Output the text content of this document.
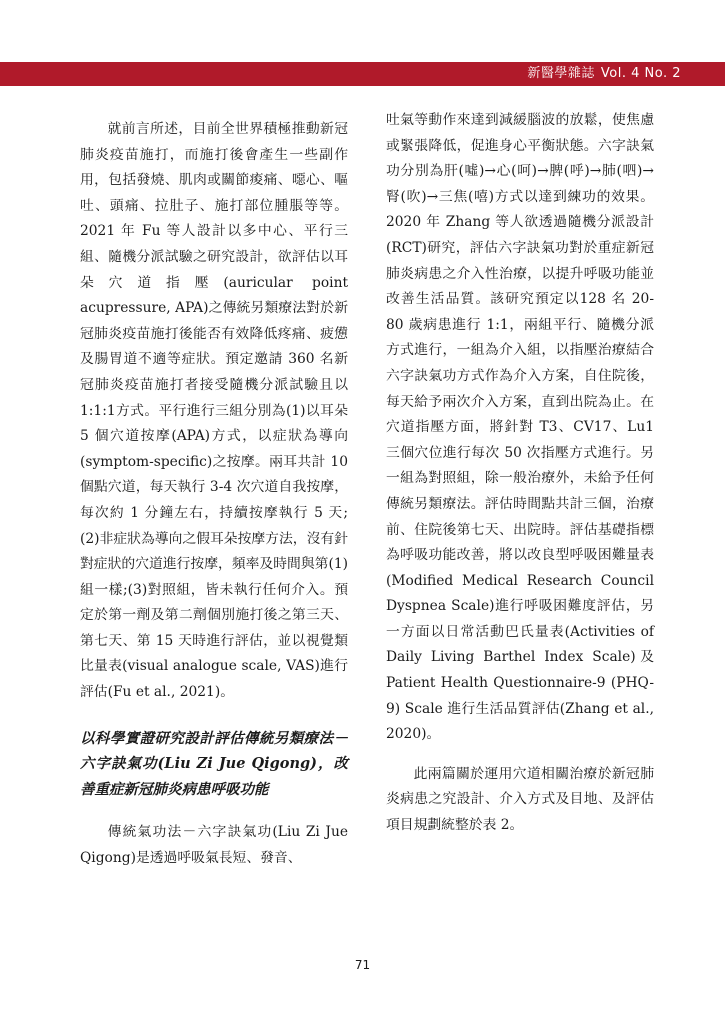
新醫學雜誌 Vol. 4 No. 2

就前言所述，目前全世界積極推動新冠肺炎疫苗施打，而施打後會產生一些副作用，包括發燒、肌肉或關節痠痛、噁心、嘔吐、頭痛、拉肚子、施打部位腫脹等等。2021 年 Fu 等人設計以多中心、平行三組、隨機分派試驗之研究設計，欲評估以耳朵穴道指壓(auricular point acupressure, APA)之傳統另類療法對於新冠肺炎疫苗施打後能否有效降低疼痛、疲憊及腸胃道不適等症狀。預定邀請 360 名新冠肺炎疫苗施打者接受隨機分派試驗且以1:1:1方式。平行進行三組分別為(1)以耳朵 5 個穴道按摩(APA)方式，以症狀為導向(symptom-specific)之按摩。兩耳共計 10 個點穴道，每天執行 3-4 次穴道自我按摩，每次約 1 分鐘左右，持續按摩執行 5 天; (2)非症狀為導向之假耳朵按摩方法，沒有針對症狀的穴道進行按摩，頻率及時間與第(1)組一樣;(3)對照組，皆未執行任何介入。預定於第一劑及第二劑個別施打後之第三天、第七天、第 15 天時進行評估，並以視覺類比量表(visual analogue scale, VAS)進行評估(Fu et al., 2021)。

以科學實證研究設計評估傳統另類療法－六字訣氣功(Liu Zi Jue Qigong)，改善重症新冠肺炎病患呼吸功能

傳統氣功法－六字訣氣功(Liu Zi Jue Qigong)是透過呼吸氣長短、發音、

吐氣等動作來達到減緩腦波的放鬆，使焦慮或緊張降低，促進身心平衡狀態。六字訣氣功分別為肝(噓)→心(呵)→脾(呼)→肺(呬)→腎(吹)→三焦(嘻)方式以達到練功的效果。2020 年 Zhang 等人欲透過隨機分派設計(RCT)研究，評估六字訣氣功對於重症新冠肺炎病患之介入性治療，以提升呼吸功能並改善生活品質。該研究預定以128 名 20-80 歲病患進行 1:1，兩組平行、隨機分派方式進行，一組為介入組，以指壓治療結合六字訣氣功方式作為介入方案，自住院後，每天給予兩次介入方案，直到出院為止。在穴道指壓方面，將針對 T3、CV17、Lu1 三個穴位進行每次 50 次指壓方式進行。另一組為對照組，除一般治療外，未給予任何傳統另類療法。評估時間點共計三個，治療前、住院後第七天、出院時。評估基礎指標為呼吸功能改善，將以改良型呼吸困難量表(Modified Medical Research Council Dyspnea Scale)進行呼吸困難度評估，另一方面以日常活動巴氏量表(Activities of Daily Living Barthel Index Scale)及 Patient Health Questionnaire-9 (PHQ-9) Scale 進行生活品質評估(Zhang et al., 2020)。

此兩篇關於運用穴道相關治療於新冠肺炎病患之究設計、介入方式及目地、及評估項目規劃統整於表 2。

71
